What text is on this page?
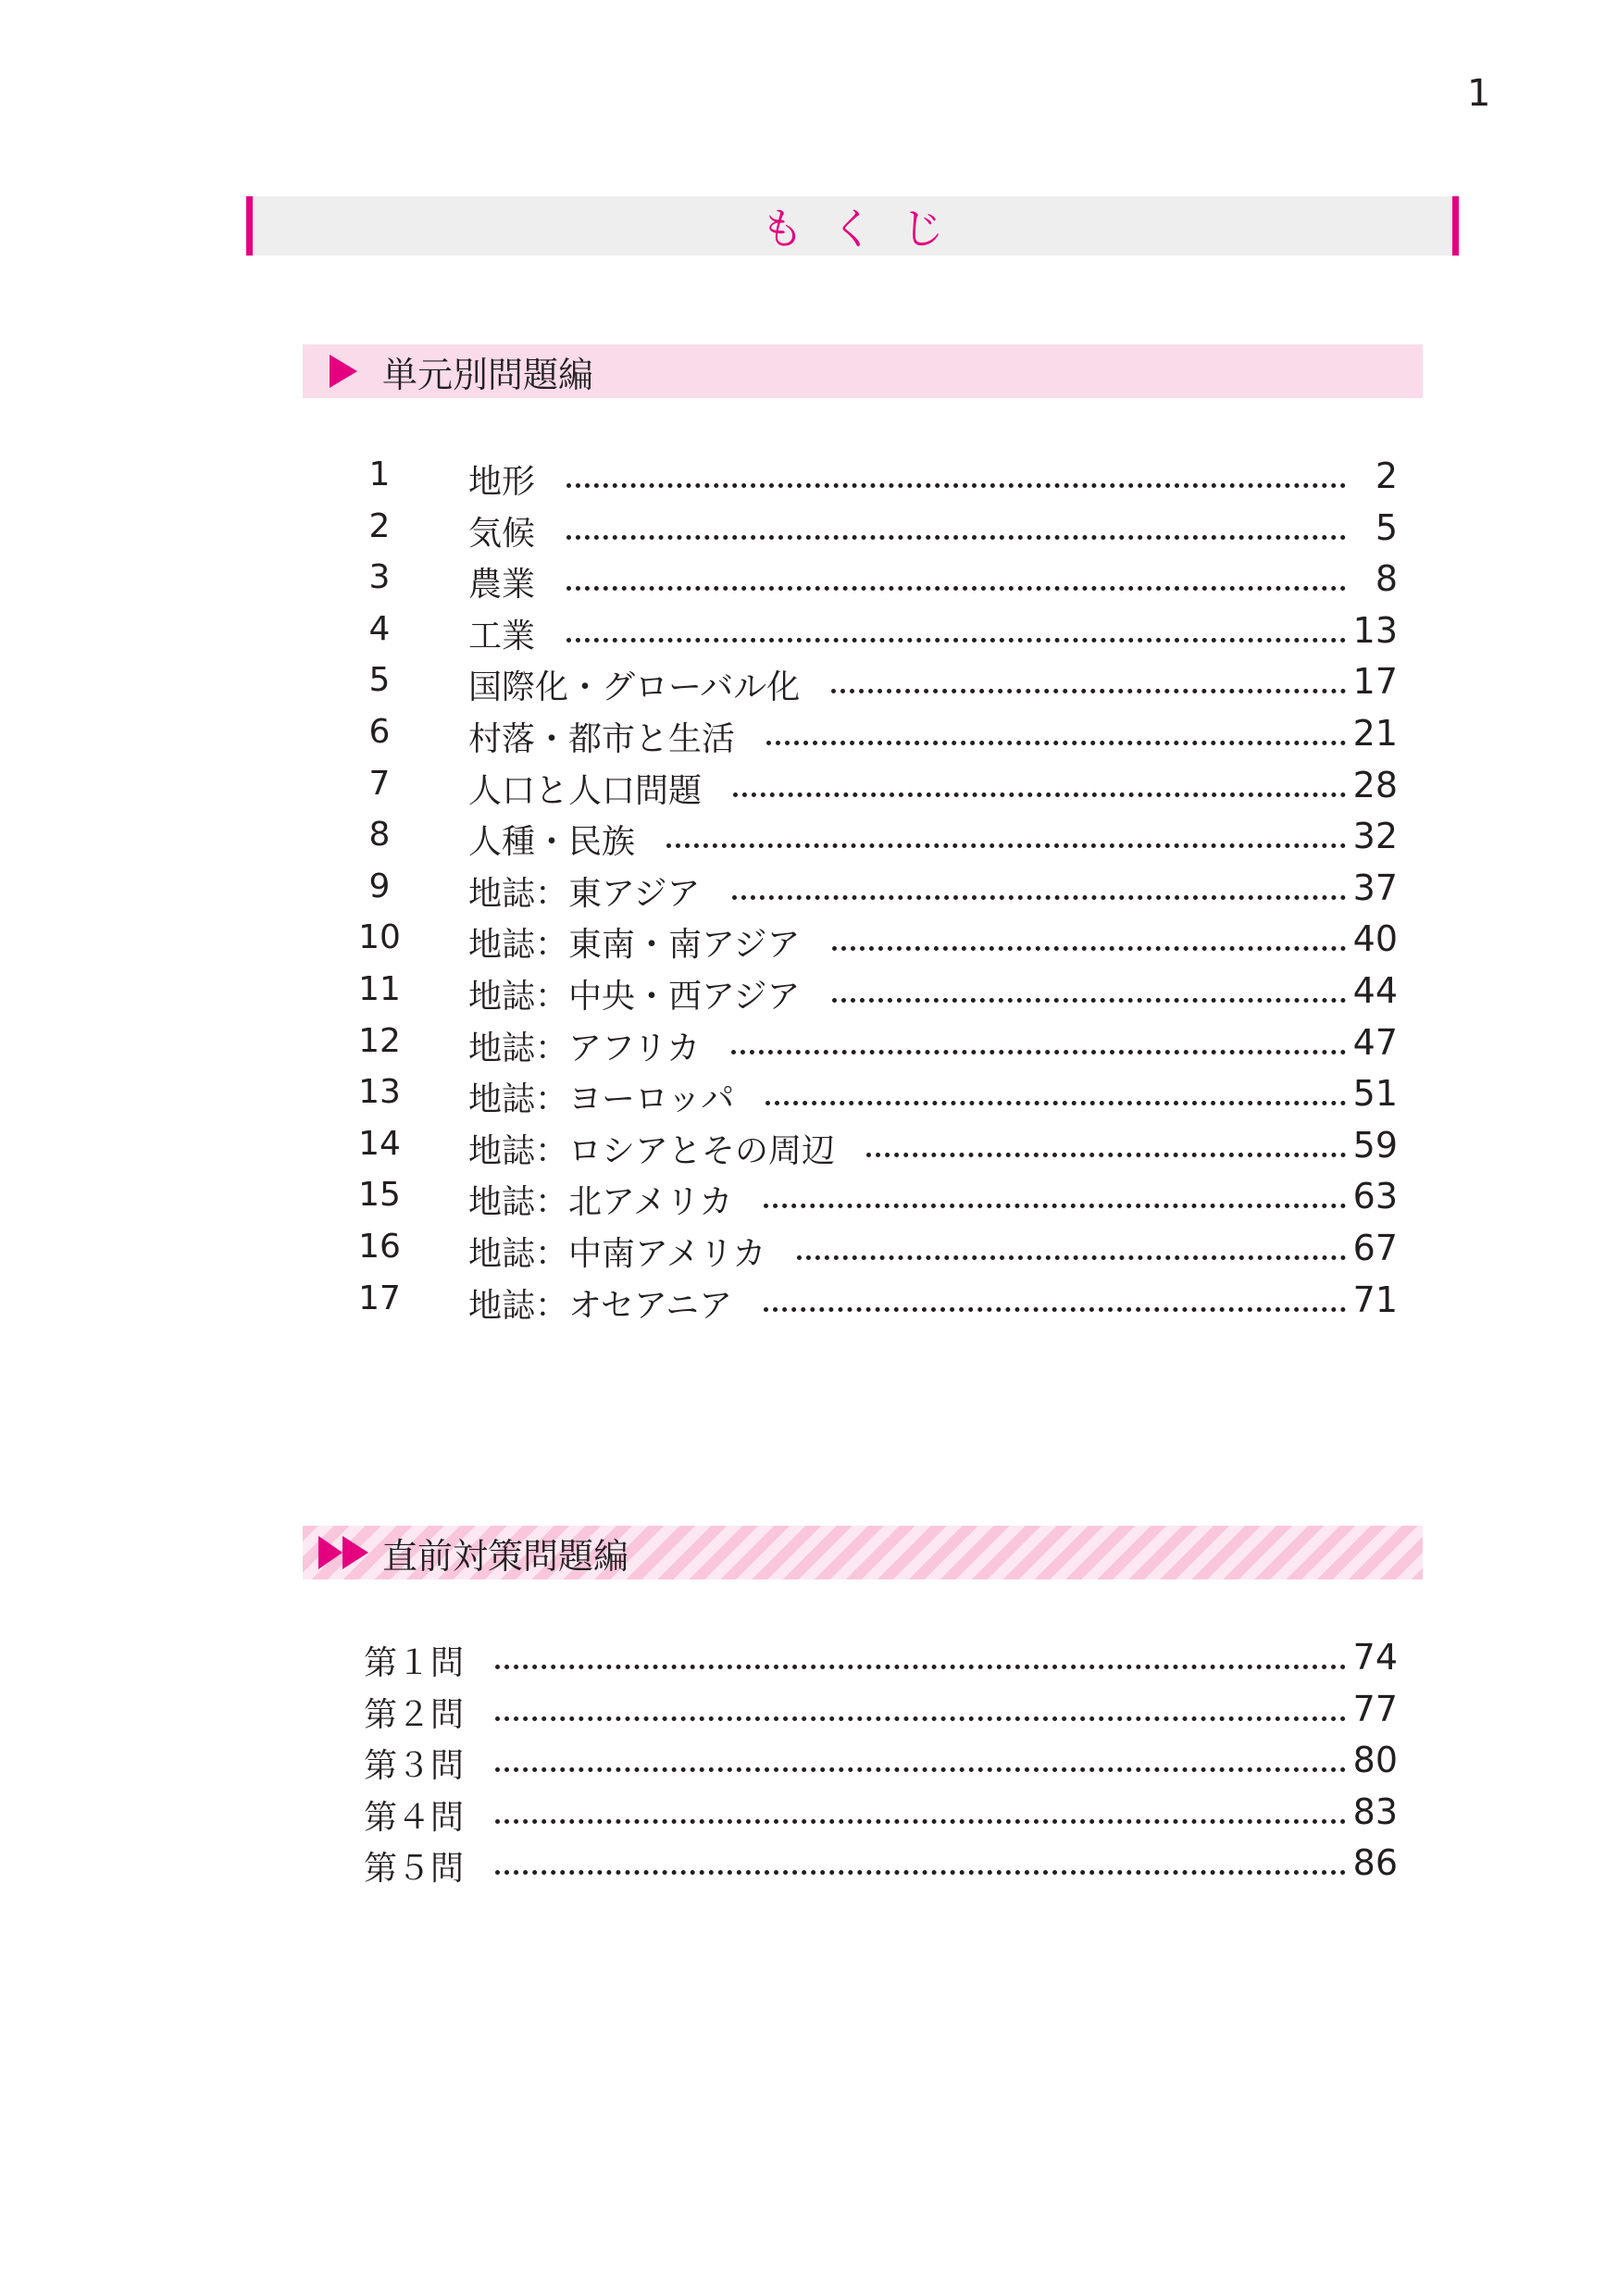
1
もくじ
単元別問題編
1	地形	2
2	気候	5
3	農業	8
4	工業	13
5	国際化・グローバル化	17
6	村落・都市と生活	21
7	人口と人口問題	28
8	人種・民族	32
9	地誌：東アジア	37
10	地誌：東南・南アジア	40
11	地誌：中央・西アジア	44
12	地誌：アフリカ	47
13	地誌：ヨーロッパ	51
14	地誌：ロシアとその周辺	59
15	地誌：北アメリカ	63
16	地誌：中南アメリカ	67
17	地誌：オセアニア	71
直前対策問題編
第１問	74
第２問	77
第３問	80
第４問	83
第５問	86
